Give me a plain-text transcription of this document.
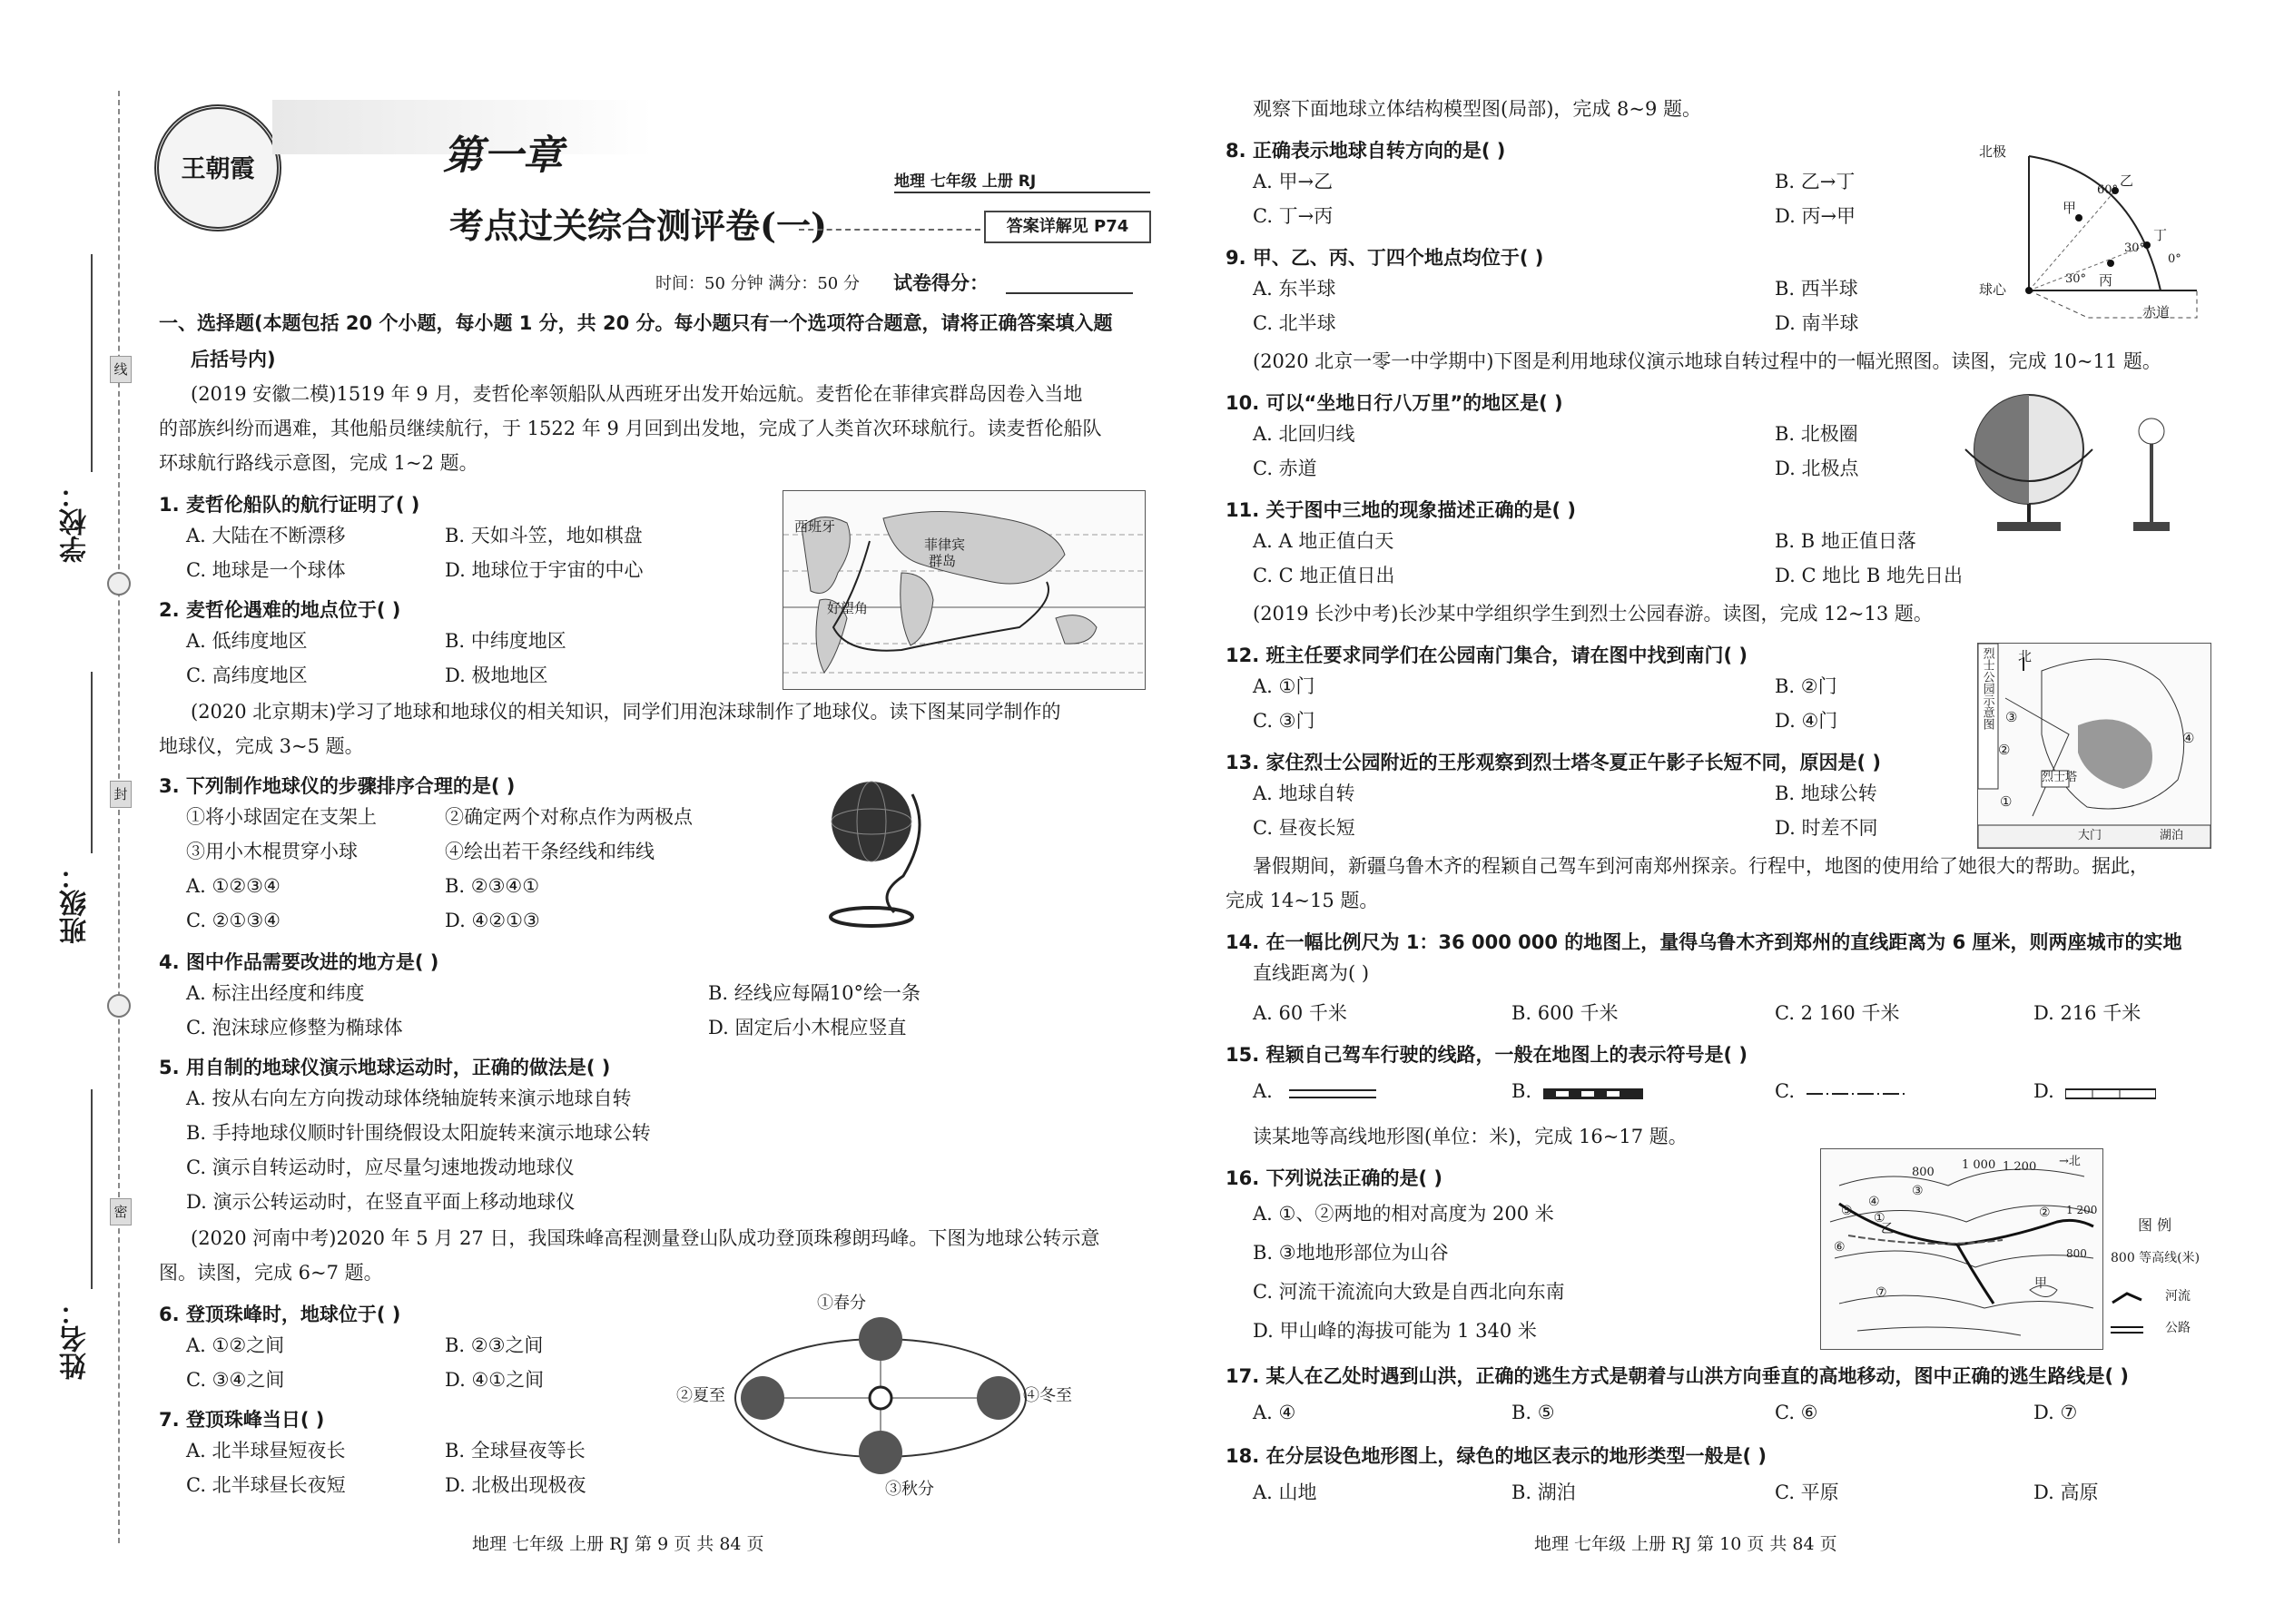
学校：
班级：
姓名：
线
封
密
王朝霞	第一章
考点过关综合测评卷(一)
地理 七年级 上册 RJ
答案详解见 P74
时间：50 分钟 满分：50 分 试卷得分：
一、选择题(本题包括 20 个小题，每小题 1 分，共 20 分。每小题只有一个选项符合题意，请将正确答案填入题
后括号内)
(2019 安徽二模)1519 年 9 月，麦哲伦率领船队从西班牙出发开始远航。麦哲伦在菲律宾群岛因卷入当地
的部族纠纷而遇难，其他船员继续航行，于 1522 年 9 月回到出发地，完成了人类首次环球航行。读麦哲伦船队
环球航行路线示意图，完成 1~2 题。
1. 麦哲伦船队的航行证明了( )
A. 大陆在不断漂移	B. 天如斗笠，地如棋盘
C. 地球是一个球体	D. 地球位于宇宙的中心
2. 麦哲伦遇难的地点位于( )
A. 低纬度地区	B. 中纬度地区
C. 高纬度地区	D. 极地地区
西班牙
菲律宾
群岛
好望角
(2020 北京期末)学习了地球和地球仪的相关知识，同学们用泡沫球制作了地球仪。读下图某同学制作的
地球仪，完成 3~5 题。
3. 下列制作地球仪的步骤排序合理的是( )
①将小球固定在支架上	②确定两个对称点作为两极点
③用小木棍贯穿小球	④绘出若干条经线和纬线
A. ①②③④	B. ②③④①
C. ②①③④	D. ④②①③
4. 图中作品需要改进的地方是( )
A. 标注出经度和纬度	B. 经线应每隔10°绘一条
C. 泡沫球应修整为椭球体	D. 固定后小木棍应竖直
5. 用自制的地球仪演示地球运动时，正确的做法是( )
A. 按从右向左方向拨动球体绕轴旋转来演示地球自转
B. 手持地球仪顺时针围绕假设太阳旋转来演示地球公转
C. 演示自转运动时，应尽量匀速地拨动地球仪
D. 演示公转运动时，在竖直平面上移动地球仪
(2020 河南中考)2020 年 5 月 27 日，我国珠峰高程测量登山队成功登顶珠穆朗玛峰。下图为地球公转示意
图。读图，完成 6~7 题。
6. 登顶珠峰时，地球位于( )
A. ①②之间	B. ②③之间
C. ③④之间	D. ④①之间
7. 登顶珠峰当日( )
A. 北半球昼短夜长	B. 全球昼夜等长
C. 北半球昼长夜短	D. 北极出现极夜
①春分
②夏至
③秋分
④冬至
地理 七年级 上册 RJ 第 9 页 共 84 页
观察下面地球立体结构模型图(局部)，完成 8~9 题。
8. 正确表示地球自转方向的是( )
A. 甲→乙	B. 乙→丁
C. 丁→丙	D. 丙→甲
9. 甲、乙、丙、丁四个地点均位于( )
A. 东半球	B. 西半球
C. 北半球	D. 南半球
北极
乙
甲
丁
丙
60°
30°
30°
0°
球心
赤道
(2020 北京一零一中学期中)下图是利用地球仪演示地球自转过程中的一幅光照图。读图，完成 10~11 题。
10. 可以“坐地日行八万里”的地区是( )
A. 北回归线	B. 北极圈
C. 赤道	D. 北极点
11. 关于图中三地的现象描述正确的是( )
A. A 地正值白天	B. B 地正值日落
C. C 地正值日出	D. C 地比 B 地先日出
(2019 长沙中考)长沙某中学组织学生到烈士公园春游。读图，完成 12~13 题。
12. 班主任要求同学们在公园南门集合，请在图中找到南门( )
A. ①门	B. ②门
C. ③门	D. ④门
13. 家住烈士公园附近的王彤观察到烈士塔冬夏正午影子长短不同，原因是( )
A. 地球自转	B. 地球公转
C. 昼夜长短	D. 时差不同
烈士公园示意图 北
①
②
③
④
烈士塔
大门	湖泊
暑假期间，新疆乌鲁木齐的程颖自己驾车到河南郑州探亲。行程中，地图的使用给了她很大的帮助。据此，
完成 14~15 题。
14. 在一幅比例尺为 1：36 000 000 的地图上，量得乌鲁木齐到郑州的直线距离为 6 厘米，则两座城市的实地
直线距离为( )
A. 60 千米	B. 600 千米	C. 2 160 千米	D. 216 千米
15. 程颖自己驾车行驶的线路，一般在地图上的表示符号是( )
A.	B.	C.	D.
读某地等高线地形图(单位：米)，完成 16~17 题。
16. 下列说法正确的是( )
A. ①、②两地的相对高度为 200 米
B. ③地地形部位为山谷
C. 河流干流流向大致是自西北向东南
D. 甲山峰的海拔可能为 1 340 米
800
1 000 1 200 →北
①	②
③
④
⑤
⑥
⑦
乙
甲
800
1 200
图 例
800 等高线(米)
河流
公路
17. 某人在乙处时遇到山洪，正确的逃生方式是朝着与山洪方向垂直的高地移动，图中正确的逃生路线是( )
A. ④	B. ⑤	C. ⑥	D. ⑦
18. 在分层设色地形图上，绿色的地区表示的地形类型一般是( )
A. 山地	B. 湖泊	C. 平原	D. 高原
地理 七年级 上册 RJ 第 10 页 共 84 页
